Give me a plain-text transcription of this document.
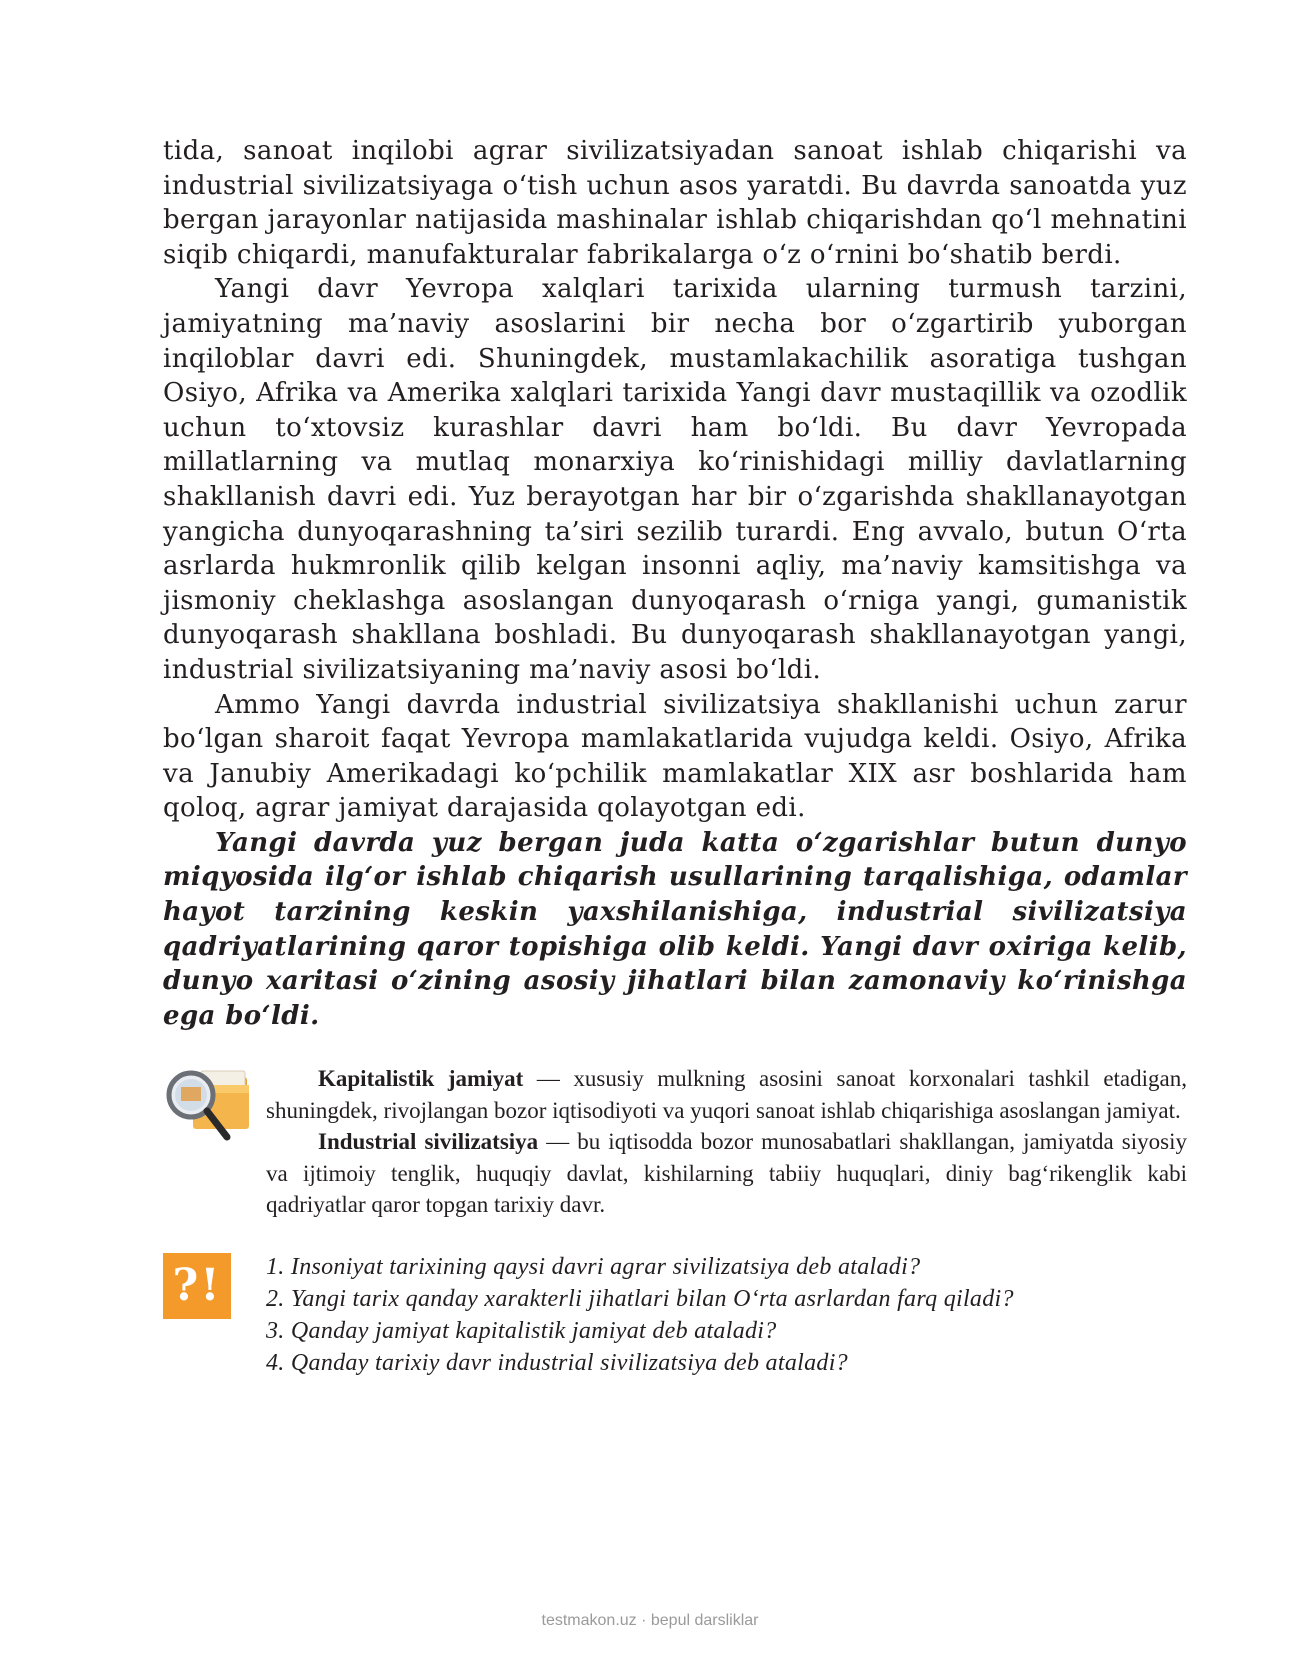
tida, sanoat inqilobi agrar sivilizatsiyadan sanoat ishlab chiqarishi va industrial sivilizatsiyaga o‘tish uchun asos yaratdi. Bu davrda sanoatda yuz bergan jarayonlar natijasida mashinalar ishlab chiqarishdan qo‘l mehnatini siqib chiqardi, manufakturalar fabrikalarga o‘z o‘rnini bo‘shatib berdi.

Yangi davr Yevropa xalqlari tarixida ularning turmush tarzini, jamiyatning ma’naviy asoslarini bir necha bor o‘zgartirib yuborgan inqiloblar davri edi. Shuningdek, mustamlakachilik asoratiga tushgan Osiyo, Afrika va Amerika xalqlari tarixida Yangi davr mustaqillik va ozodlik uchun to‘xtovsiz kurashlar davri ham bo‘ldi. Bu davr Yevropada millatlarning va mutlaq monarxiya ko‘rinishidagi milliy davlatlarning shakllanish davri edi. Yuz berayotgan har bir o‘zgarishda shakllanayotgan yangicha dunyoqarashning ta’siri sezilib turardi. Eng avvalo, butun O‘rta asrlarda hukmronlik qilib kelgan insonni aqliy, ma’naviy kamsitishga va jismoniy cheklashga asoslangan dunyoqarash o‘rniga yangi, gumanistik dunyoqarash shakllana boshladi. Bu dunyoqarash shakllanayotgan yangi, industrial sivilizatsiyaning ma’naviy asosi bo‘ldi.

Ammo Yangi davrda industrial sivilizatsiya shakllanishi uchun zarur bo‘lgan sharoit faqat Yevropa mamlakatlarida vujudga keldi. Osiyo, Afrika va Janubiy Amerikadagi ko‘pchilik mamlakatlar XIX asr boshlarida ham qoloq, agrar jamiyat darajasida qolayotgan edi.

Yangi davrda yuz bergan juda katta o‘zgarishlar butun dunyo miqyosida ilg‘or ishlab chiqarish usullarining tarqalishiga, odamlar hayot tarzining keskin yaxshilanishiga, industrial sivilizatsiya qadriyatlarining qaror topishiga olib keldi. Yangi davr oxiriga kelib, dunyo xaritasi o‘zining asosiy jihatlari bilan zamonaviy ko‘rinishga ega bo‘ldi.

Kapitalistik jamiyat — xususiy mulkning asosini sanoat korxonalari tashkil etadigan, shuningdek, rivojlangan bozor iqtisodiyoti va yuqori sanoat ishlab chiqarishiga asoslangan jamiyat.

Industrial sivilizatsiya — bu iqtisodda bozor munosabatlari shakllangan, jamiyatda siyosiy va ijtimoiy tenglik, huquqiy davlat, kishilarning tabiiy huquqlari, diniy bag‘rikenglik kabi qadriyatlar qaror topgan tarixiy davr.

?!	1. Insoniyat tarixining qaysi davri agrar sivilizatsiya deb ataladi?
2. Yangi tarix qanday xarakterli jihatlari bilan O‘rta asrlardan farq qiladi?
3. Qanday jamiyat kapitalistik jamiyat deb ataladi?
4. Qanday tarixiy davr industrial sivilizatsiya deb ataladi?
testmakon.uz · bepul darsliklar
